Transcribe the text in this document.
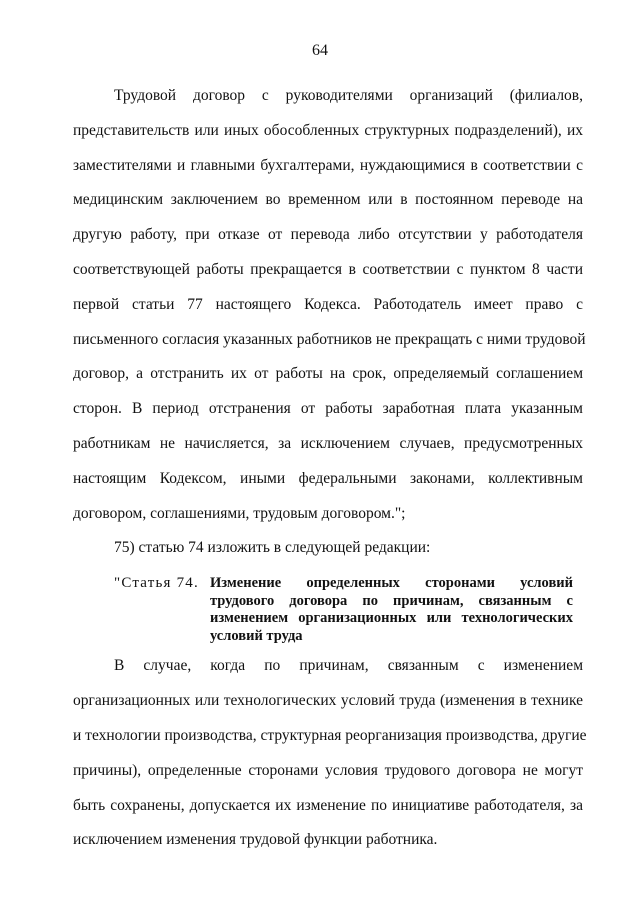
64
Трудовой договор с руководителями организаций (филиалов,
представительств или иных обособленных структурных подразделений), их
заместителями и главными бухгалтерами, нуждающимися в соответствии с
медицинским заключением во временном или в постоянном переводе на
другую работу, при отказе от перевода либо отсутствии у работодателя
соответствующей работы прекращается в соответствии с пунктом 8 части
первой статьи 77 настоящего Кодекса. Работодатель имеет право с
письменного согласия указанных работников не прекращать с ними трудовой
договор, а отстранить их от работы на срок, определяемый соглашением
сторон. В период отстранения от работы заработная плата указанным
работникам не начисляется, за исключением случаев, предусмотренных
настоящим Кодексом, иными федеральными законами, коллективным
договором, соглашениями, трудовым договором.";
75) статью 74 изложить в следующей редакции:
"Статья 74. Изменение определенных сторонами условий
трудового договора по причинам, связанным с
изменением организационных или технологических
условий труда
В случае, когда по причинам, связанным с изменением
организационных или технологических условий труда (изменения в технике
и технологии производства, структурная реорганизация производства, другие
причины), определенные сторонами условия трудового договора не могут
быть сохранены, допускается их изменение по инициативе работодателя, за
исключением изменения трудовой функции работника.
